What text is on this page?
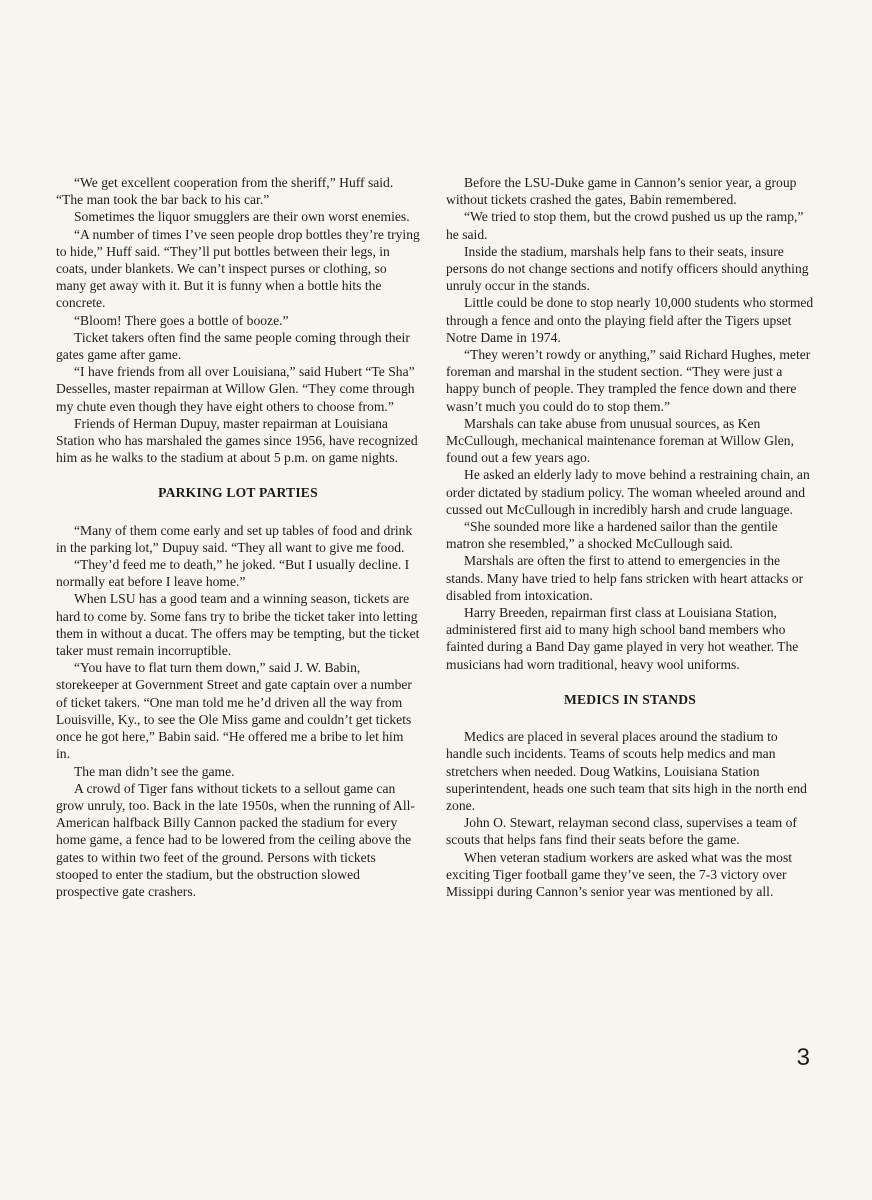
“We get excellent cooperation from the sheriff,” Huff said. “The man took the bar back to his car.”

Sometimes the liquor smugglers are their own worst enemies.

“A number of times I’ve seen people drop bottles they’re trying to hide,” Huff said. “They’ll put bottles between their legs, in coats, under blankets. We can’t inspect purses or clothing, so many get away with it. But it is funny when a bottle hits the concrete.

“Bloom! There goes a bottle of booze.”

Ticket takers often find the same people coming through their gates game after game.

“I have friends from all over Louisiana,” said Hubert “Te Sha” Desselles, master repairman at Willow Glen. “They come through my chute even though they have eight others to choose from.”

Friends of Herman Dupuy, master repairman at Louisiana Station who has marshaled the games since 1956, have recognized him as he walks to the stadium at about 5 p.m. on game nights.

PARKING LOT PARTIES

“Many of them come early and set up tables of food and drink in the parking lot,” Dupuy said. “They all want to give me food.

“They’d feed me to death,” he joked. “But I usually decline. I normally eat before I leave home.”

When LSU has a good team and a winning season, tickets are hard to come by. Some fans try to bribe the ticket taker into letting them in without a ducat. The offers may be tempting, but the ticket taker must remain incorruptible.

“You have to flat turn them down,” said J. W. Babin, storekeeper at Government Street and gate captain over a number of ticket takers. “One man told me he’d driven all the way from Louisville, Ky., to see the Ole Miss game and couldn’t get tickets once he got here,” Babin said. “He offered me a bribe to let him in.

The man didn’t see the game.

A crowd of Tiger fans without tickets to a sellout game can grow unruly, too. Back in the late 1950s, when the running of All-American halfback Billy Cannon packed the stadium for every home game, a fence had to be lowered from the ceiling above the gates to within two feet of the ground. Persons with tickets stooped to enter the stadium, but the obstruction slowed prospective gate crashers.

Before the LSU-Duke game in Cannon’s senior year, a group without tickets crashed the gates, Babin remembered.

“We tried to stop them, but the crowd pushed us up the ramp,” he said.

Inside the stadium, marshals help fans to their seats, insure persons do not change sections and notify officers should anything unruly occur in the stands.

Little could be done to stop nearly 10,000 students who stormed through a fence and onto the playing field after the Tigers upset Notre Dame in 1974.

“They weren’t rowdy or anything,” said Richard Hughes, meter foreman and marshal in the student section. “They were just a happy bunch of people. They trampled the fence down and there wasn’t much you could do to stop them.”

Marshals can take abuse from unusual sources, as Ken McCullough, mechanical maintenance foreman at Willow Glen, found out a few years ago.

He asked an elderly lady to move behind a restraining chain, an order dictated by stadium policy. The woman wheeled around and cussed out McCullough in incredibly harsh and crude language.

“She sounded more like a hardened sailor than the gentile matron she resembled,” a shocked McCullough said.

Marshals are often the first to attend to emergencies in the stands. Many have tried to help fans stricken with heart attacks or disabled from intoxication.

Harry Breeden, repairman first class at Louisiana Station, administered first aid to many high school band members who fainted during a Band Day game played in very hot weather. The musicians had worn traditional, heavy wool uniforms.

MEDICS IN STANDS

Medics are placed in several places around the stadium to handle such incidents. Teams of scouts help medics and man stretchers when needed. Doug Watkins, Louisiana Station superintendent, heads one such team that sits high in the north end zone.

John O. Stewart, relayman second class, supervises a team of scouts that helps fans find their seats before the game.

When veteran stadium workers are asked what was the most exciting Tiger football game they’ve seen, the 7-3 victory over Missippi during Cannon’s senior year was mentioned by all.

3
